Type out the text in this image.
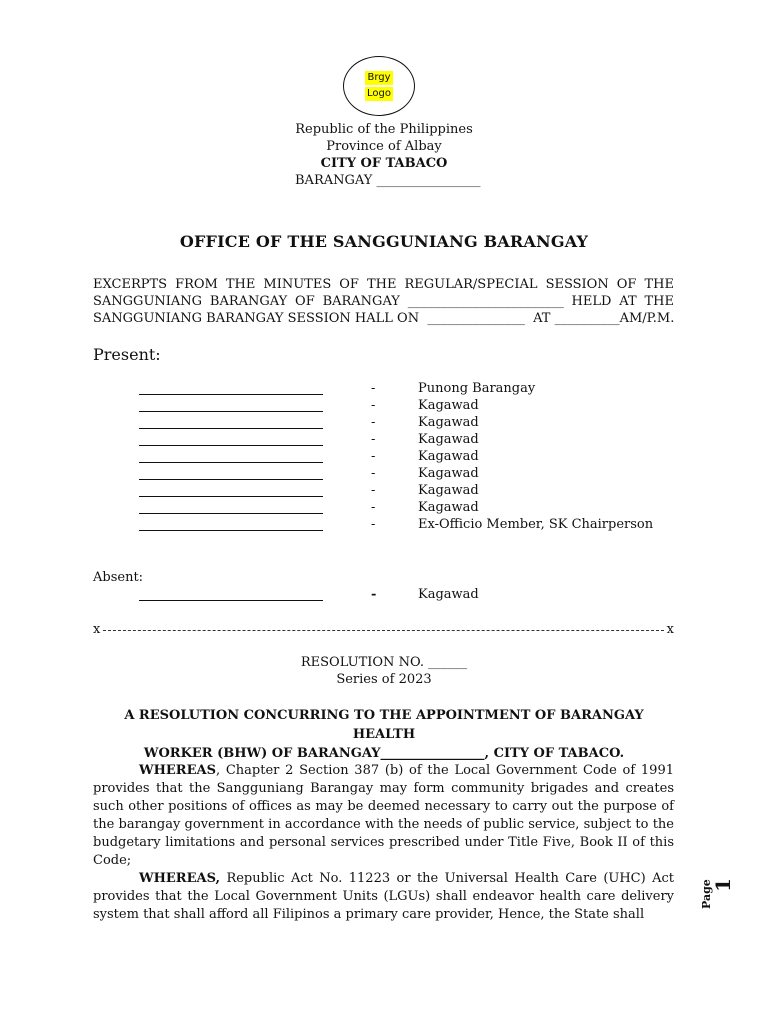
Brgy
Logo
Republic of the Philippines
Province of Albay
CITY OF TABACO
BARANGAY ________________
OFFICE OF THE SANGGUNIANG BARANGAY
EXCERPTS FROM THE MINUTES OF THE REGULAR/SPECIAL SESSION OF THE
SANGGUNIANG BARANGAY OF BARANGAY ________________________ HELD AT THE
SANGGUNIANG BARANGAY SESSION HALL ON  _______________  AT __________AM/P.M.
Present:
-	Punong Barangay
-	Kagawad
-	Kagawad
-	Kagawad
-	Kagawad
-	Kagawad
-	Kagawad
-	Kagawad
-	Ex-Officio Member, SK Chairperson
Absent:
-	Kagawad
x	x
RESOLUTION NO. ______
Series of 2023
A RESOLUTION CONCURRING TO THE APPOINTMENT OF BARANGAY HEALTH
WORKER (BHW) OF BARANGAY________________, CITY OF TABACO.

WHEREAS, Chapter 2 Section 387 (b) of the Local Government Code of 1991 provides that the Sangguniang Barangay may form community brigades and creates such other positions of offices as may be deemed necessary to carry out the purpose of the barangay government in accordance with the needs of public service, subject to the budgetary limitations and personal services prescribed under Title Five, Book II of this Code;

WHEREAS, Republic Act No. 11223 or the Universal Health Care (UHC) Act provides that the Local Government Units (LGUs) shall endeavor health care delivery system that shall afford all Filipinos a primary care provider, Hence, the State shall

Page
1
